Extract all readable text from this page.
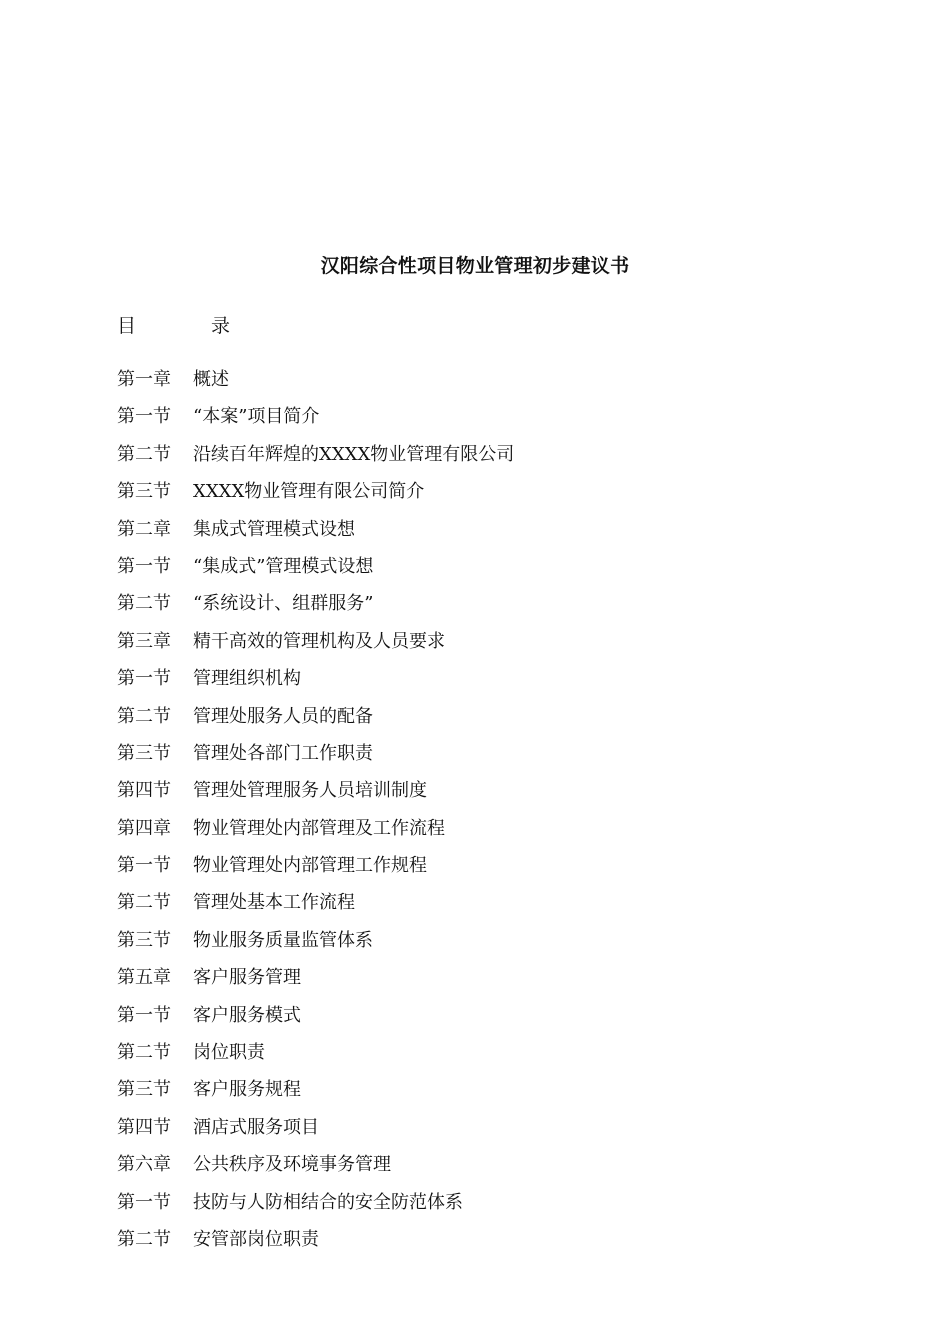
汉阳综合性项目物业管理初步建议书
目　录
第一章 概述
第一节 “本案”项目简介
第二节 沿续百年辉煌的XXXX物业管理有限公司
第三节 XXXX物业管理有限公司简介
第二章 集成式管理模式设想
第一节 “集成式”管理模式设想
第二节 “系统设计、组群服务”
第三章 精干高效的管理机构及人员要求
第一节 管理组织机构
第二节 管理处服务人员的配备
第三节 管理处各部门工作职责
第四节 管理处管理服务人员培训制度
第四章 物业管理处内部管理及工作流程
第一节 物业管理处内部管理工作规程
第二节 管理处基本工作流程
第三节 物业服务质量监管体系
第五章 客户服务管理
第一节 客户服务模式
第二节 岗位职责
第三节 客户服务规程
第四节 酒店式服务项目
第六章 公共秩序及环境事务管理
第一节 技防与人防相结合的安全防范体系
第二节 安管部岗位职责
